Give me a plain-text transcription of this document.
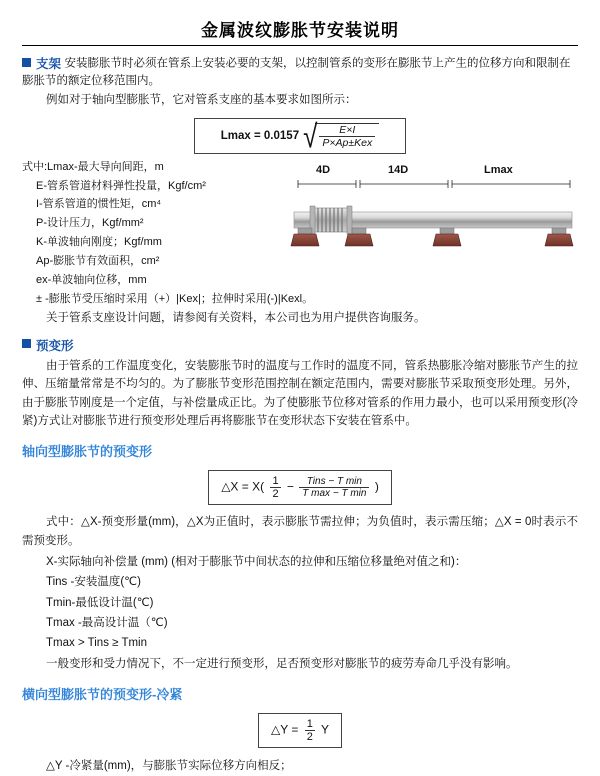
金属波纹膨胀节安装说明
支架 安装膨胀节时必须在管系上安装必要的支架，以控制管系的变形在膨胀节上产生的位移方向和限制在膨胀节的额定位移范围内。

例如对于轴向型膨胀节，它对管系支座的基本要求如图所示：

Lmax = 0.0157 √
$\frac{E\times I}{\text{P×Ap±Kex}}$
式中:Lmax-最大导向间距，m
E-管系管道材料弹性投量，Kgf/cm²
I-管系管道的惯性矩，cm⁴
P-设计压力，Kgf/mm²
K-单波轴向刚度；Kgf/mm
Ap-膨胀节有效面积，cm²
ex-单波轴向位移，mm
± -膨胀节受压缩时采用（+）|Kex|；拉伸时采用(-)|Kexl。
4D	14D	Lmax

关于管系支座设计问题，请参阅有关资料，本公司也为用户提供咨询服务。

预变形

由于管系的工作温度变化，安装膨胀节时的温度与工作时的温度不同，管系热膨胀冷缩对膨胀节产生的拉伸、压缩量常常是不均匀的。为了膨胀节变形范围控制在额定范围内，需要对膨胀节采取预变形处理。另外，由于膨胀节刚度是一个定值，与补偿量成正比。为了使膨胀节位移对管系的作用力最小，也可以采用预变形(冷紧)方式让对膨胀节进行预变形处理后再将膨胀节在变形状态下安装在管系中。

轴向型膨胀节的预变形
△X = $X( \frac{1}{2} - \frac{\text{Tins − T min}}{\text{T max − T min}}$ )

式中：△X-预变形量(mm)，△X为正值时，表示膨胀节需拉伸；为负值时，表示需压缩；△X = 0时表示不需预变形。

X-实际轴向补偿量 (mm) (相对于膨胀节中间状态的拉伸和压缩位移量绝对值之和)：
Tins -安装温度(℃)
Tmin-最低设计温(℃)
Tmax -最高设计温（℃)
Tmax > Tins ≥ Tmin

一般变形和受力情况下，不一定进行预变形，足否预变形对膨胀节的疲劳寿命几乎没有影响。

横向型膨胀节的预变形-冷紧
△Y = $\frac{1}{2}$ Y
△Y -冷紧量(mm)，与膨胀节实际位移方向相反；
